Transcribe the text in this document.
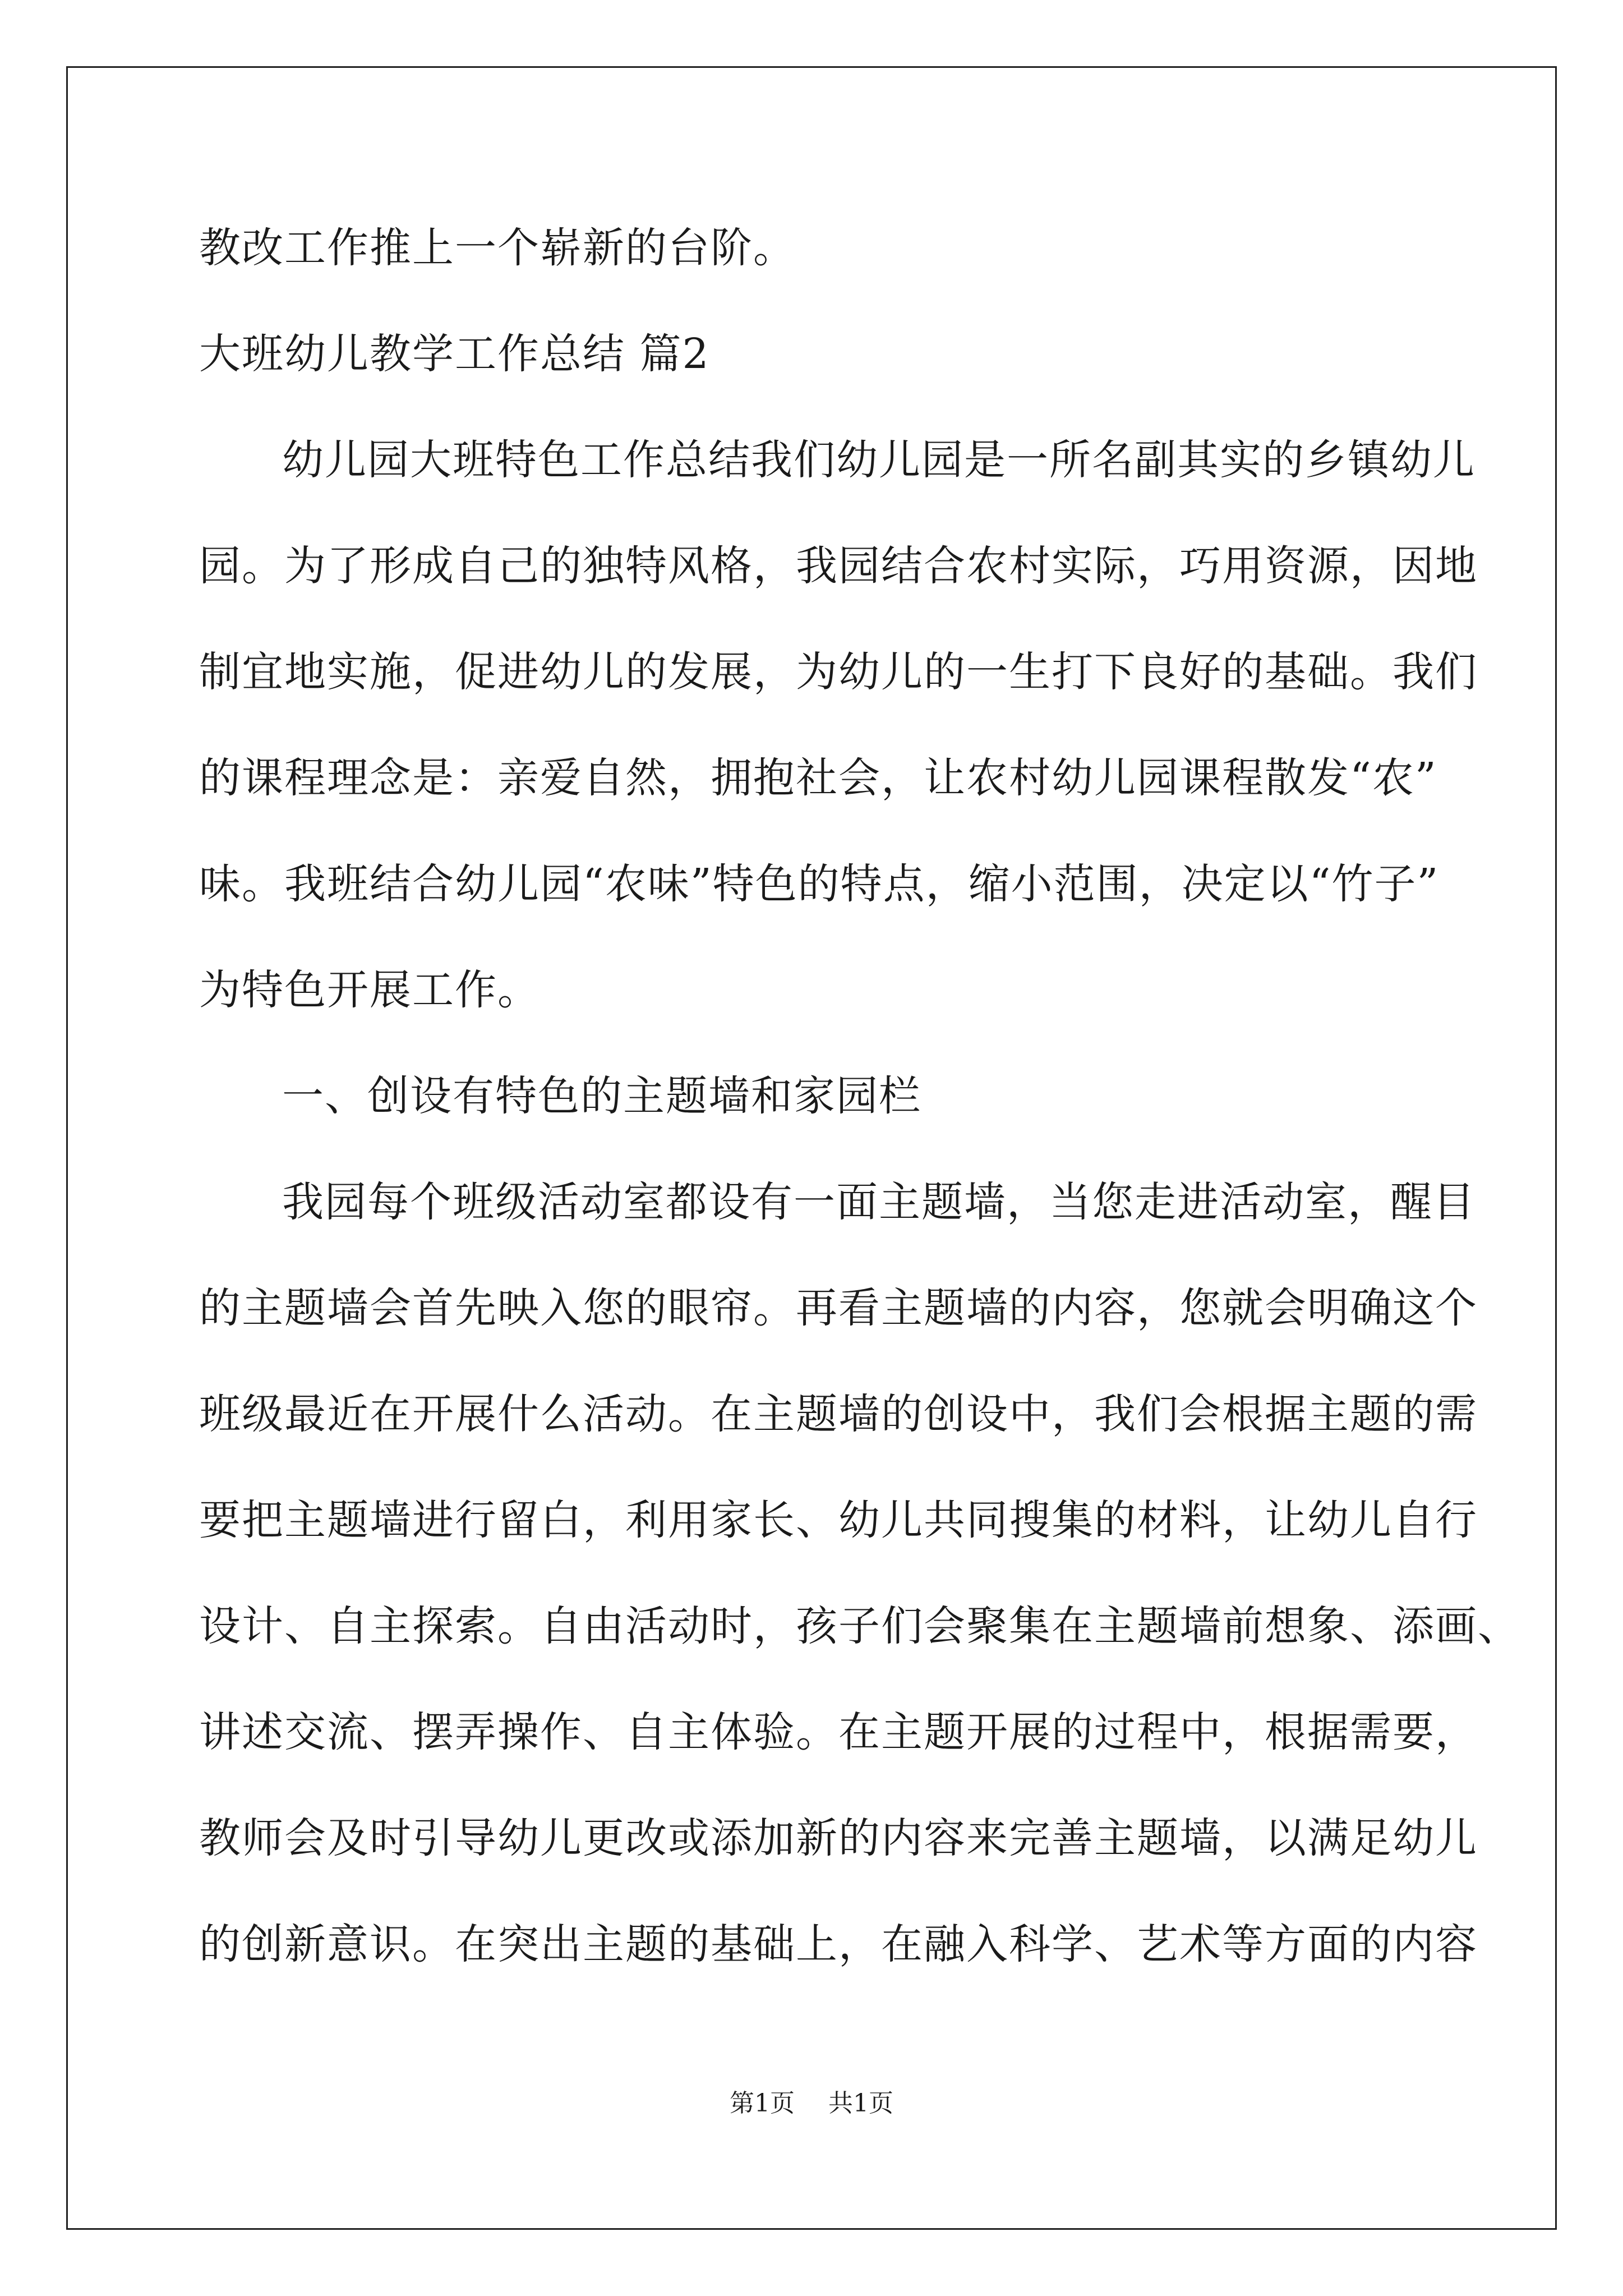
教改工作推上一个崭新的台阶。
大班幼儿教学工作总结 篇2
幼儿园大班特色工作总结我们幼儿园是一所名副其实的乡镇幼儿
园。为了形成自己的独特风格，我园结合农村实际，巧用资源，因地
制宜地实施，促进幼儿的发展，为幼儿的一生打下良好的基础。我们
的课程理念是：亲爱自然，拥抱社会，让农村幼儿园课程散发“农”
味。我班结合幼儿园“农味”特色的特点，缩小范围，决定以“竹子”
为特色开展工作。
一、创设有特色的主题墙和家园栏
我园每个班级活动室都设有一面主题墙，当您走进活动室，醒目
的主题墙会首先映入您的眼帘。再看主题墙的内容，您就会明确这个
班级最近在开展什么活动。在主题墙的创设中，我们会根据主题的需
要把主题墙进行留白，利用家长、幼儿共同搜集的材料，让幼儿自行
设计、自主探索。自由活动时，孩子们会聚集在主题墙前想象、添画、
讲述交流、摆弄操作、自主体验。在主题开展的过程中，根据需要，
教师会及时引导幼儿更改或添加新的内容来完善主题墙，以满足幼儿
的创新意识。在突出主题的基础上，在融入科学、艺术等方面的内容
第1页 共1页
